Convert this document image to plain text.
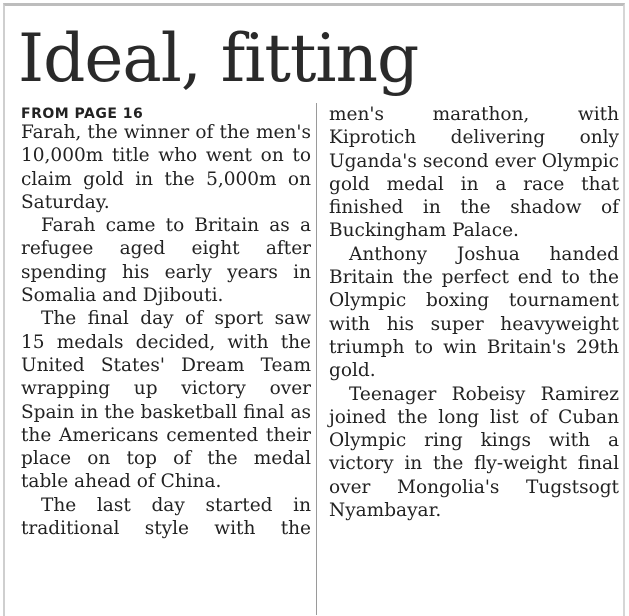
Ideal, fitting
FROM PAGE 16

Farah, the winner of the men's 10,000m title who went on to claim gold in the 5,000m on Saturday.

Farah came to Britain as a refugee aged eight after spending his early years in Somalia and Djibouti.

The final day of sport saw 15 medals decided, with the United States' Dream Team wrapping up victory over Spain in the basketball final as the Americans cemented their place on top of the medal table ahead of China.

The last day started in traditional style with the

men's marathon, with Kiprotich delivering only Uganda's second ever Olympic gold medal in a race that finished in the shadow of Buckingham Palace.

Anthony Joshua handed Britain the perfect end to the Olympic boxing tournament with his super heavyweight triumph to win Britain's 29th gold.

Teenager Robeisy Ramirez joined the long list of Cuban Olympic ring kings with a victory in the fly-weight final over Mongolia's Tugstsogt Nyambayar.
